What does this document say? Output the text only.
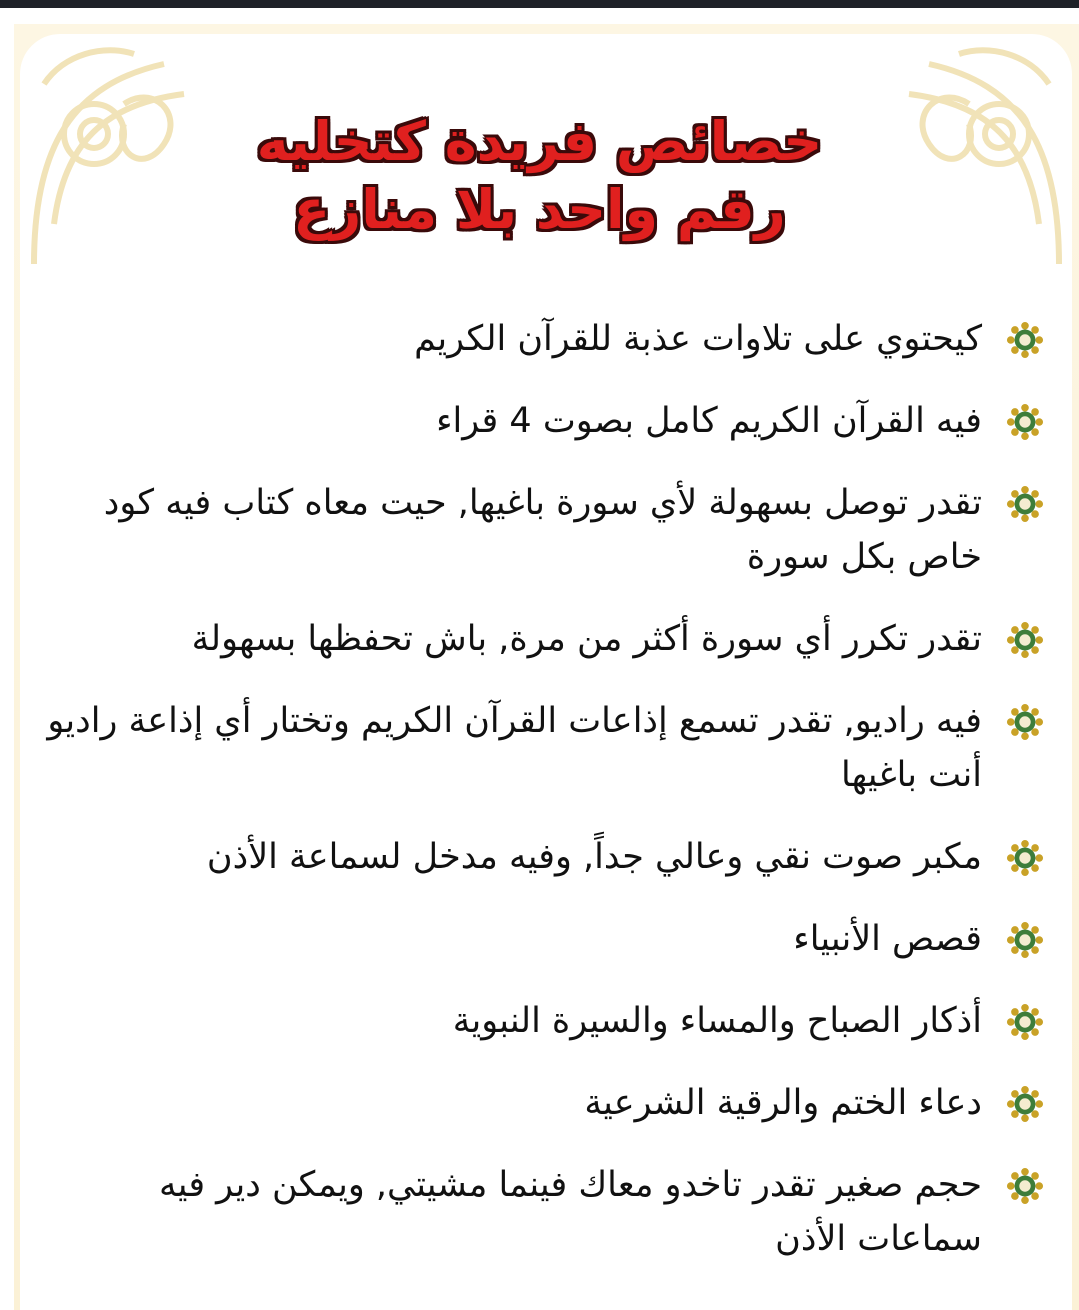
خصائص فريدة كتخليه
رقم واحد بلا منازع
كيحتوي على تلاوات عذبة للقرآن الكريم
فيه القرآن الكريم كامل بصوت 4 قراء
تقدر توصل بسهولة لأي سورة باغيها, حيت معاه كتاب فيه كود خاص بكل سورة
تقدر تكرر أي سورة أكثر من مرة, باش تحفظها بسهولة
فيه راديو, تقدر تسمع إذاعات القرآن الكريم وتختار أي إذاعة راديو أنت باغيها
مكبر صوت نقي وعالي جداً, وفيه مدخل لسماعة الأذن
قصص الأنبياء
أذكار الصباح والمساء والسيرة النبوية
دعاء الختم والرقية الشرعية
حجم صغير تقدر تاخدو معاك فينما مشيتي, ويمكن دير فيه سماعات الأذن
